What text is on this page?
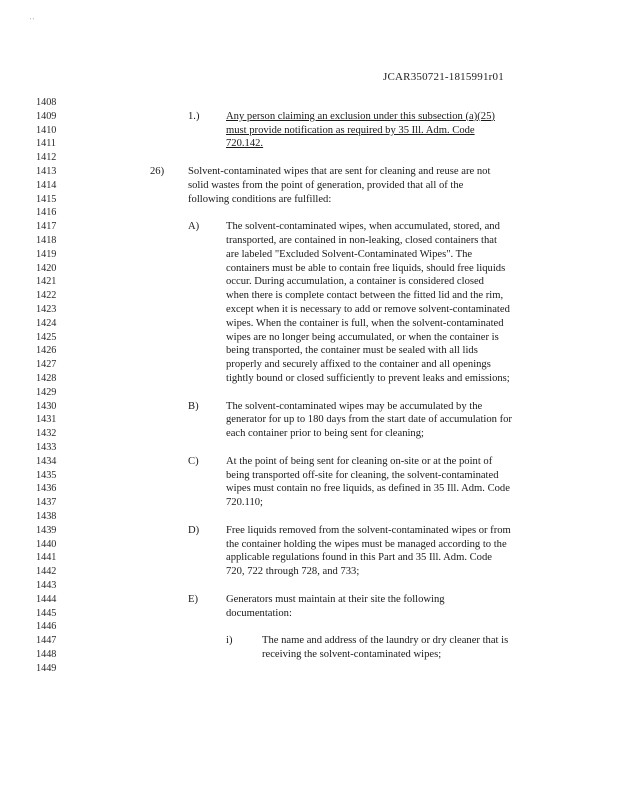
' '
JCAR350721-1815991r01
1408
1409	1.)	Any person claiming an exclusion under this subsection (a)(25)
1410	must provide notification as required by 35 Ill. Adm. Code
1411	720.142.
1412
1413	26) Solvent-contaminated wipes that are sent for cleaning and reuse are not
1414	solid wastes from the point of generation, provided that all of the
1415	following conditions are fulfilled:
1416
1417	A)	The solvent-contaminated wipes, when accumulated, stored, and
1418	transported, are contained in non-leaking, closed containers that
1419	are labeled "Excluded Solvent-Contaminated Wipes". The
1420	containers must be able to contain free liquids, should free liquids
1421	occur. During accumulation, a container is considered closed
1422	when there is complete contact between the fitted lid and the rim,
1423	except when it is necessary to add or remove solvent-contaminated
1424	wipes. When the container is full, when the solvent-contaminated
1425	wipes are no longer being accumulated, or when the container is
1426	being transported, the container must be sealed with all lids
1427	properly and securely affixed to the container and all openings
1428	tightly bound or closed sufficiently to prevent leaks and emissions;
1429
1430	B)	The solvent-contaminated wipes may be accumulated by the
1431	generator for up to 180 days from the start date of accumulation for
1432	each container prior to being sent for cleaning;
1433
1434	C)	At the point of being sent for cleaning on-site or at the point of
1435	being transported off-site for cleaning, the solvent-contaminated
1436	wipes must contain no free liquids, as defined in 35 Ill. Adm. Code
1437	720.110;
1438
1439	D)	Free liquids removed from the solvent-contaminated wipes or from
1440	the container holding the wipes must be managed according to the
1441	applicable regulations found in this Part and 35 Ill. Adm. Code
1442	720, 722 through 728, and 733;
1443
1444	E)	Generators must maintain at their site the following
1445	documentation:
1446
1447	i)	The name and address of the laundry or dry cleaner that is
1448	receiving the solvent-contaminated wipes;
1449
